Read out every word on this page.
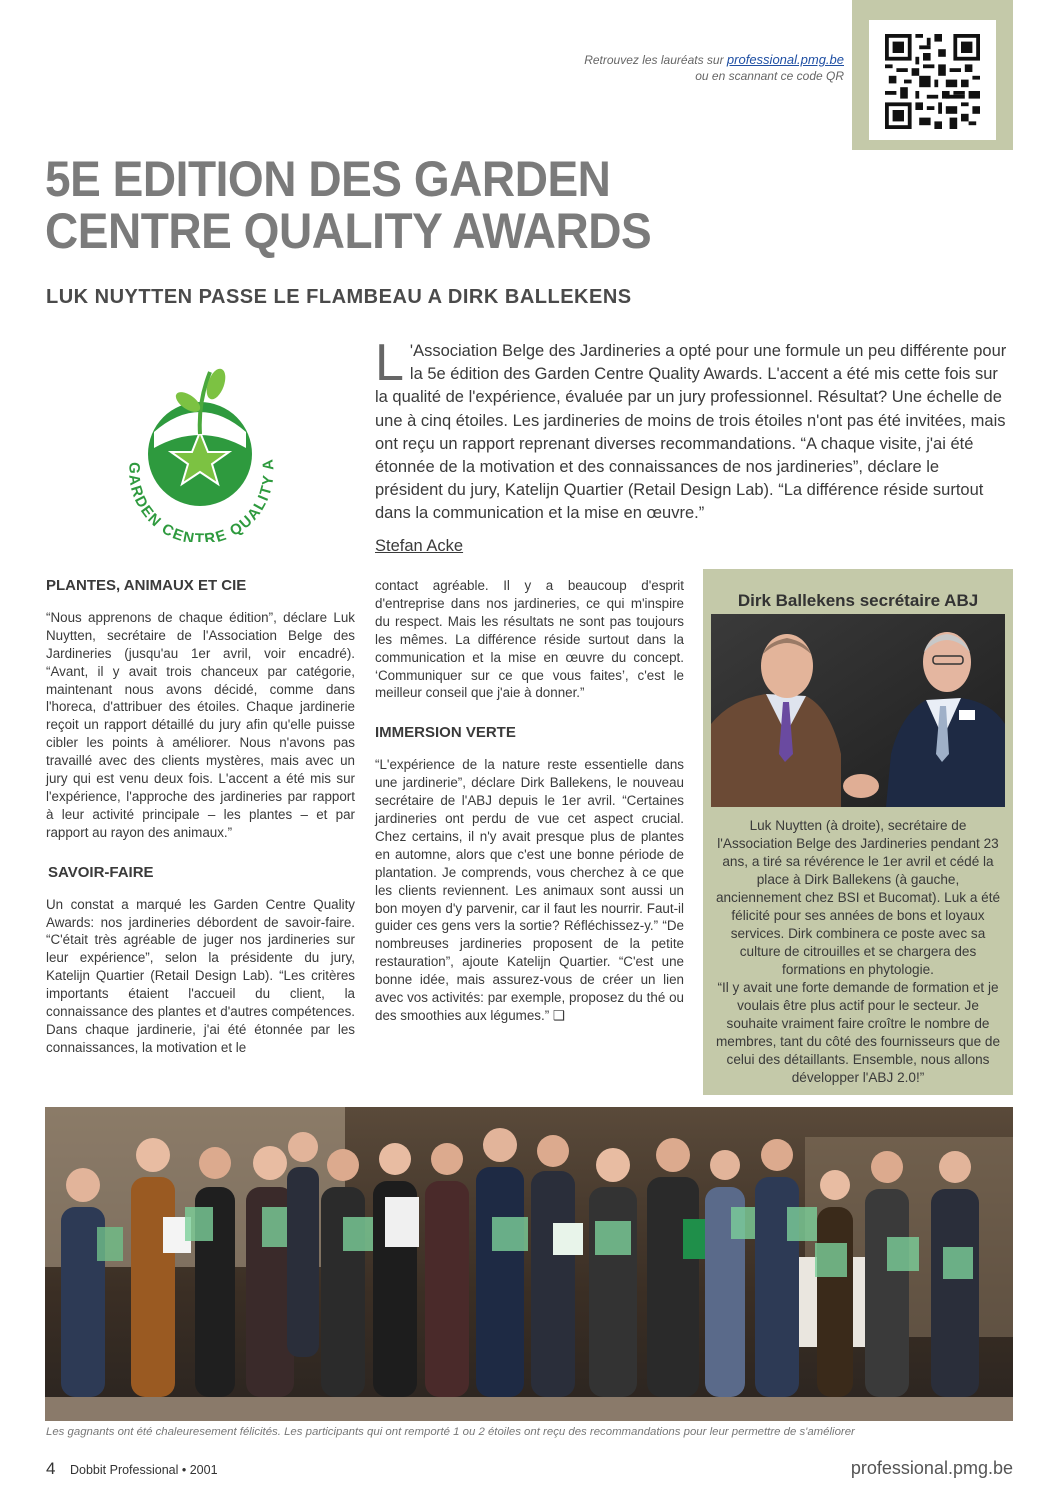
Retrouvez les lauréats sur professional.pmg.be
ou en scannant ce code QR
5E EDITION DES GARDEN CENTRE QUALITY AWARDS
LUK NUYTTEN PASSE LE FLAMBEAU A DIRK BALLEKENS
GARDEN CENTRE QUALITY A
L 'Association Belge des Jardineries a opté pour une formule un peu différente pour la 5e édition des Garden Centre Quality Awards. L'accent a été mis cette fois sur la qualité de l'expérience, évaluée par un jury professionnel. Résultat? Une échelle de une à cinq étoiles. Les jardineries de moins de trois étoiles n'ont pas été invitées, mais ont reçu un rapport reprenant diverses recommandations. “A chaque visite, j'ai été étonnée de la motivation et des connaissances de nos jardineries”, déclare le président du jury, Katelijn Quartier (Retail Design Lab). “La différence réside surtout dans la communication et la mise en œuvre.”
Stefan Acke
PLANTES, ANIMAUX ET CIE

“Nous apprenons de chaque édition”, déclare Luk Nuytten, secrétaire de l'Association Belge des Jardineries (jusqu'au 1er avril, voir encadré). “Avant, il y avait trois chanceux par catégorie, maintenant nous avons décidé, comme dans l'horeca, d'attribuer des étoiles. Chaque jardinerie reçoit un rapport détaillé du jury afin qu'elle puisse cibler les points à améliorer. Nous n'avons pas travaillé avec des clients mystères, mais avec un jury qui est venu deux fois. L'accent a été mis sur l'expérience, l'approche des jardineries par rapport à leur activité principale – les plantes – et par rapport au rayon des animaux.”

SAVOIR-FAIRE

Un constat a marqué les Garden Centre Quality Awards: nos jardineries débordent de savoir-faire. “C'était très agréable de juger nos jardineries sur leur expérience”, selon la présidente du jury, Katelijn Quartier (Retail Design Lab). “Les critères importants étaient l'accueil du client, la connaissance des plantes et d'autres compétences. Dans chaque jardinerie, j'ai été étonnée par les connaissances, la motivation et le

contact agréable. Il y a beaucoup d'esprit d'entreprise dans nos jardineries, ce qui m'inspire du respect. Mais les résultats ne sont pas toujours les mêmes. La différence réside surtout dans la communication et la mise en œuvre du concept. ‘Communiquer sur ce que vous faites’, c'est le meilleur conseil que j'aie à donner.”

IMMERSION VERTE

“L'expérience de la nature reste essentielle dans une jardinerie”, déclare Dirk Ballekens, le nouveau secrétaire de l'ABJ depuis le 1er avril. “Certaines jardineries ont perdu de vue cet aspect crucial. Chez certains, il n'y avait presque plus de plantes en automne, alors que c'est une bonne période de plantation. Je comprends, vous cherchez à ce que les clients reviennent. Les animaux sont aussi un bon moyen d'y parvenir, car il faut les nourrir. Faut-il guider ces gens vers la sortie? Réfléchissez-y.” “De nombreuses jardineries proposent de la petite restauration”, ajoute Katelijn Quartier. “C'est une bonne idée, mais assurez-vous de créer un lien avec vos activités: par exemple, proposez du thé ou des smoothies aux légumes.” ❑

Dirk Ballekens secrétaire ABJ

Luk Nuytten (à droite), secrétaire de l'Association Belge des Jardineries pendant 23 ans, a tiré sa révérence le 1er avril et cédé la place à Dirk Ballekens (à gauche, anciennement chez BSI et Bucomat). Luk a été félicité pour ses années de bons et loyaux services. Dirk combinera ce poste avec sa culture de citrouilles et se chargera des formations en phytologie.

“Il y avait une forte demande de formation et je voulais être plus actif pour le secteur. Je souhaite vraiment faire croître le nombre de membres, tant du côté des fournisseurs que de celui des détaillants. Ensemble, nous allons développer l'ABJ 2.0!”

Les gagnants ont été chaleuresement félicités. Les participants qui ont remporté 1 ou 2 étoiles ont reçu des recommandations pour leur permettre de s'améliorer
4 Dobbit Professional • 2001	professional.pmg.be
